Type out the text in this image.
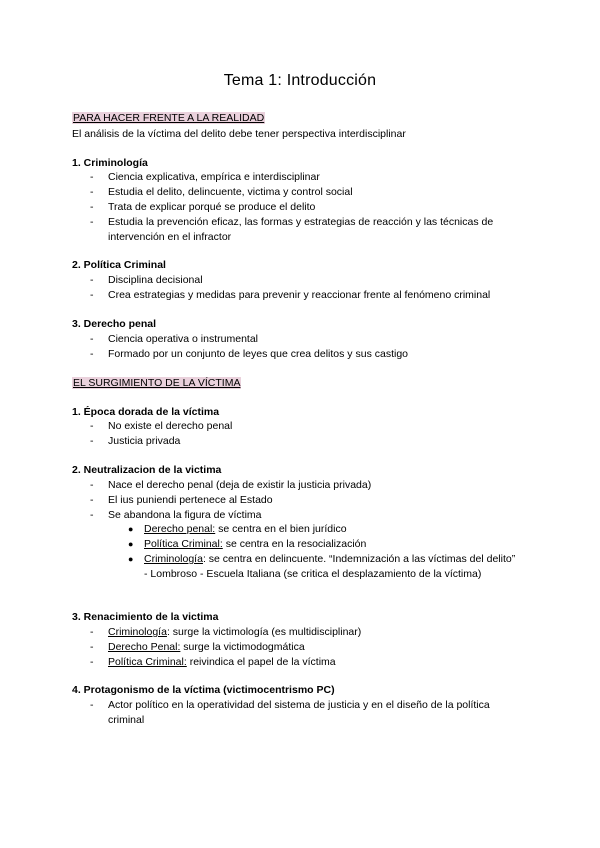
Tema 1: Introducción
PARA HACER FRENTE A LA REALIDAD
El análisis de la víctima del delito debe tener perspectiva interdisciplinar
1. Criminología
-	Ciencia explicativa, empírica e interdisciplinar
-	Estudia el delito, delincuente, victima y control social
-	Trata de explicar porqué se produce el delito
-	Estudia la prevención eficaz, las formas y estrategias de reacción y las técnicas de intervención en el infractor
2. Política Criminal
-	Disciplina decisional
-	Crea estrategias y medidas para prevenir y reaccionar frente al fenómeno criminal
3. Derecho penal
-	Ciencia operativa o instrumental
-	Formado por un conjunto de leyes que crea delitos y sus castigo
EL SURGIMIENTO DE LA VÍCTIMA
1. Época dorada de la víctima
-	No existe el derecho penal
-	Justicia privada
2. Neutralizacion de la victima
-	Nace el derecho penal (deja de existir la justicia privada)
-	El ius puniendi pertenece al Estado
-	Se abandona la figura de víctima
● Derecho penal: se centra en el bien jurídico
● Política Criminal: se centra en la resocialización
● Criminología: se centra en delincuente. “Indemnización a las víctimas del delito” - Lombroso - Escuela Italiana (se critica el desplazamiento de la víctima)
3. Renacimiento de la victima
-	Criminología: surge la victimología (es multidisciplinar)
-	Derecho Penal: surge la victimodogmática
-	Política Criminal: reivindica el papel de la víctima
4. Protagonismo de la víctima (victimocentrismo PC)
-	Actor político en la operatividad del sistema de justicia y en el diseño de la política criminal
